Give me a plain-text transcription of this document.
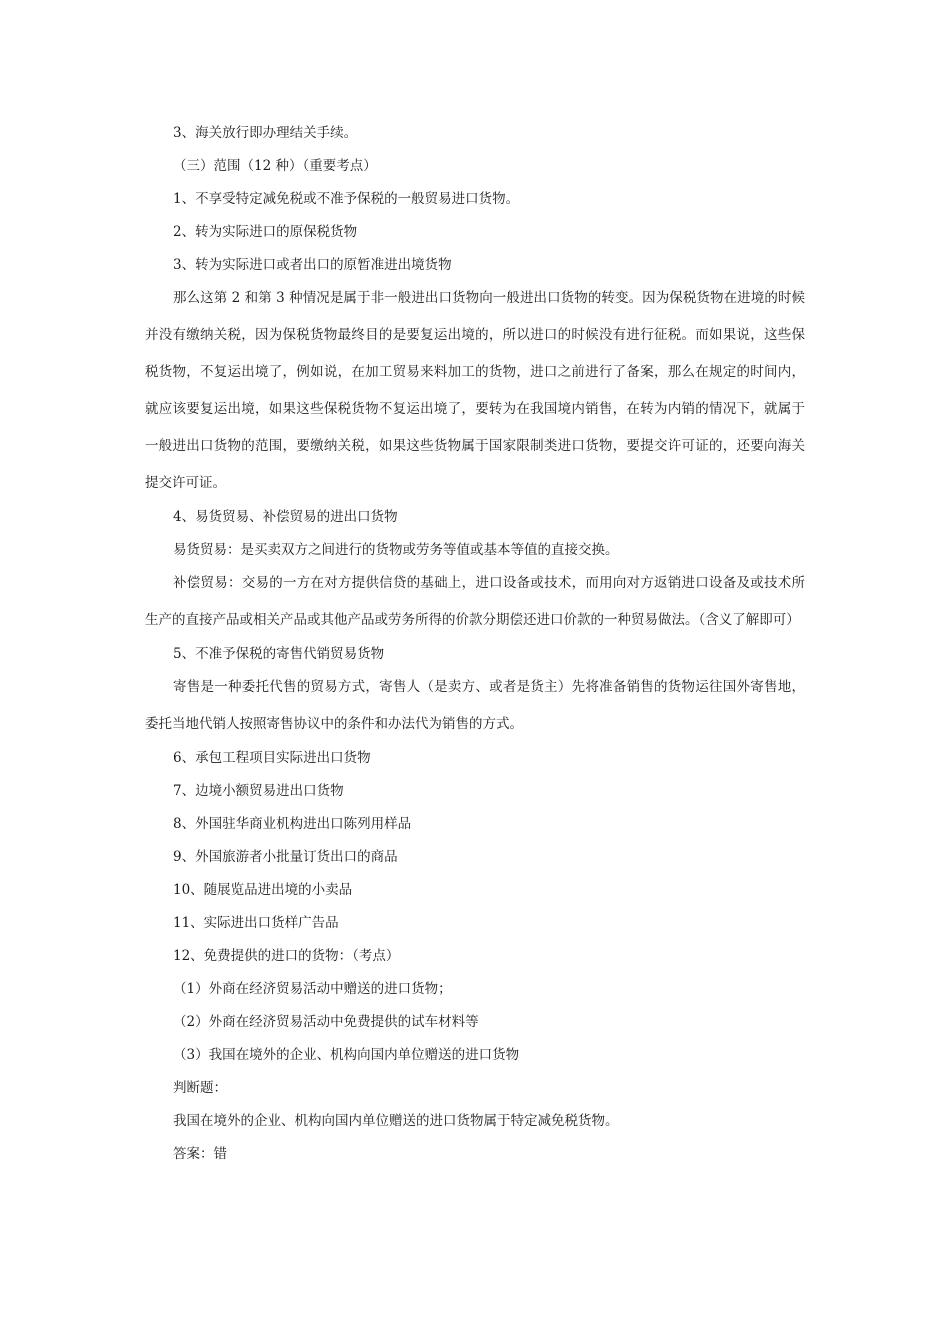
3、海关放行即办理结关手续。

（三）范围（12 种）（重要考点）

1、不享受特定减免税或不准予保税的一般贸易进口货物。

2、转为实际进口的原保税货物

3、转为实际进口或者出口的原暂准进出境货物

那么这第 2 和第 3 种情况是属于非一般进出口货物向一般进出口货物的转变。因为保税货物在进境的时候并没有缴纳关税，因为保税货物最终目的是要复运出境的，所以进口的时候没有进行征税。而如果说，这些保税货物，不复运出境了，例如说，在加工贸易来料加工的货物，进口之前进行了备案，那么在规定的时间内，就应该要复运出境，如果这些保税货物不复运出境了，要转为在我国境内销售，在转为内销的情况下，就属于一般进出口货物的范围，要缴纳关税，如果这些货物属于国家限制类进口货物，要提交许可证的，还要向海关提交许可证。

4、易货贸易、补偿贸易的进出口货物

易货贸易：是买卖双方之间进行的货物或劳务等值或基本等值的直接交换。

补偿贸易：交易的一方在对方提供信贷的基础上，进口设备或技术，而用向对方返销进口设备及或技术所生产的直接产品或相关产品或其他产品或劳务所得的价款分期偿还进口价款的一种贸易做法。（含义了解即可）

5、不准予保税的寄售代销贸易货物

寄售是一种委托代售的贸易方式，寄售人（是卖方、或者是货主）先将准备销售的货物运往国外寄售地，委托当地代销人按照寄售协议中的条件和办法代为销售的方式。

6、承包工程项目实际进出口货物

7、边境小额贸易进出口货物

8、外国驻华商业机构进出口陈列用样品

9、外国旅游者小批量订货出口的商品

10、随展览品进出境的小卖品

11、实际进出口货样广告品

12、免费提供的进口的货物：（考点）

（1）外商在经济贸易活动中赠送的进口货物；

（2）外商在经济贸易活动中免费提供的试车材料等

（3）我国在境外的企业、机构向国内单位赠送的进口货物

判断题：

我国在境外的企业、机构向国内单位赠送的进口货物属于特定减免税货物。

答案：错
